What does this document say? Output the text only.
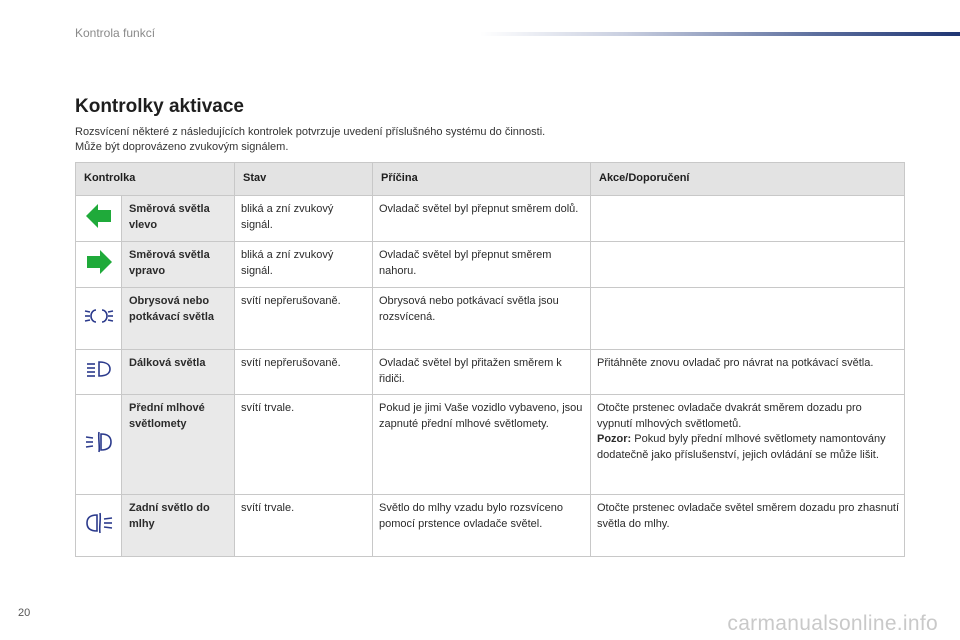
Kontrola funkcí
Kontrolky aktivace
Rozsvícení některé z následujících kontrolek potvrzuje uvedení příslušného systému do činnosti.
Může být doprovázeno zvukovým signálem.
Kontrolka		Stav	Příčina	Akce/Doporučení

	Směrová světla vlevo	bliká a zní zvukový signál.	Ovladač světel byl přepnut směrem dolů.	

	Směrová světla vpravo	bliká a zní zvukový signál.	Ovladač světel byl přepnut směrem nahoru.	

	Obrysová nebo potkávací světla	svítí nepřerušovaně.	Obrysová nebo potkávací světla jsou rozsvícená.	

	Dálková světla	svítí nepřerušovaně.	Ovladač světel byl přitažen směrem k řidiči.	Přitáhněte znovu ovladač pro návrat na potkávací světla.

	Přední mlhové světlomety	svítí trvale.	Pokud je jimi Vaše vozidlo vybaveno, jsou zapnuté přední mlhové světlomety.	Otočte prstenec ovladače dvakrát směrem dozadu pro vypnutí mlhových světlometů.
Pozor: Pokud byly přední mlhové světlomety namontovány dodatečně jako příslušenství, jejich ovládání se může lišit.

	Zadní světlo do mlhy	svítí trvale.	Světlo do mlhy vzadu bylo rozsvíceno pomocí prstence ovladače světel.	Otočte prstenec ovladače světel směrem dozadu pro zhasnutí světla do mlhy.
20	carmanualsonline.info
